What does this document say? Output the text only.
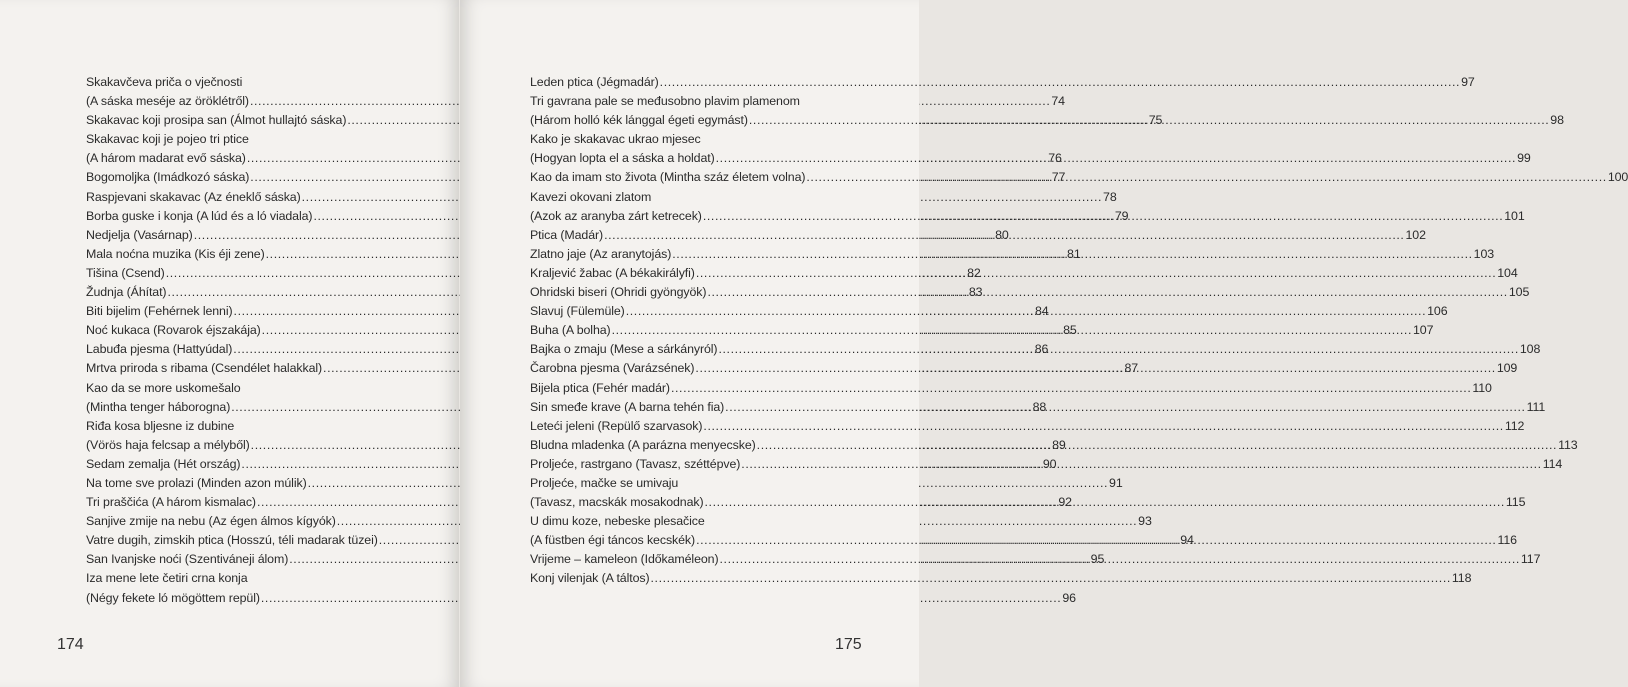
Skakavčeva priča o vječnosti
(A sáska meséje az öröklétről) .....	74
Skakavac koji prosipa san (Álmot hullajtó sáska) .....	75
Skakavac koji je pojeo tri ptice
(A három madarat evő sáska) .....	76
Bogomoljka (Imádkozó sáska) .....	77
Raspjevani skakavac (Az éneklő sáska) .....	78
Borba guske i konja (A lúd és a ló viadala) .....	79
Nedjelja (Vasárnap) .....	80
Mala noćna muzika (Kis éji zene) .....	81
Tišina (Csend) .....	82
Žudnja (Áhítat) .....	83
Biti bijelim (Fehérnek lenni) .....	84
Noć kukaca (Rovarok éjszakája) .....	85
Labuđa pjesma (Hattyúdal) .....	86
Mrtva priroda s ribama (Csendélet halakkal) .....	87
Kao da se more uskomešalo
(Mintha tenger háborogna) .....	88
Riđa kosa bljesne iz dubine
(Vörös haja felcsap a mélyből) .....	89
Sedam zemalja (Hét ország) .....	90
Na tome sve prolazi (Minden azon múlik) .....	91
Tri praščića (A három kismalac) .....	92
Sanjive zmije na nebu (Az égen álmos kígyók) .....	93
Vatre dugih, zimskih ptica (Hosszú, téli madarak tüzei) .....	94
San Ivanjske noći (Szentiváneji álom) .....	95
Iza mene lete četiri crna konja
(Négy fekete ló mögöttem repül) .....	96
174
Leden ptica (Jégmadár) .....	97
Tri gavrana pale se međusobno plavim plamenom
(Három holló kék lánggal égeti egymást) .....	98
Kako je skakavac ukrao mjesec
(Hogyan lopta el a sáska a holdat) .....	99
Kao da imam sto života (Mintha száz életem volna) .....	100
Kavezi okovani zlatom
(Azok az aranyba zárt ketrecek) .....	101
Ptica (Madár) .....	102
Zlatno jaje (Az aranytojás) .....	103
Kraljević žabac (A békakirályfi) .....	104
Ohridski biseri (Ohridi gyöngyök) .....	105
Slavuj (Fülemüle) .....	106
Buha (A bolha) .....	107
Bajka o zmaju (Mese a sárkányról) .....	108
Čarobna pjesma (Varázsének) .....	109
Bijela ptica (Fehér madár) .....	110
Sin smeđe krave (A barna tehén fia) .....	111
Leteći jeleni (Repülő szarvasok) .....	112
Bludna mladenka (A parázna menyecske) .....	113
Proljeće, rastrgano (Tavasz, széttépve) .....	114
Proljeće, mačke se umivaju
(Tavasz, macskák mosakodnak) .....	115
U dimu koze, nebeske plesačice
(A füstben égi táncos kecskék) .....	116
Vrijeme – kameleon (Időkaméleon) .....	117
Konj vilenjak (A táltos) .....	118
175
